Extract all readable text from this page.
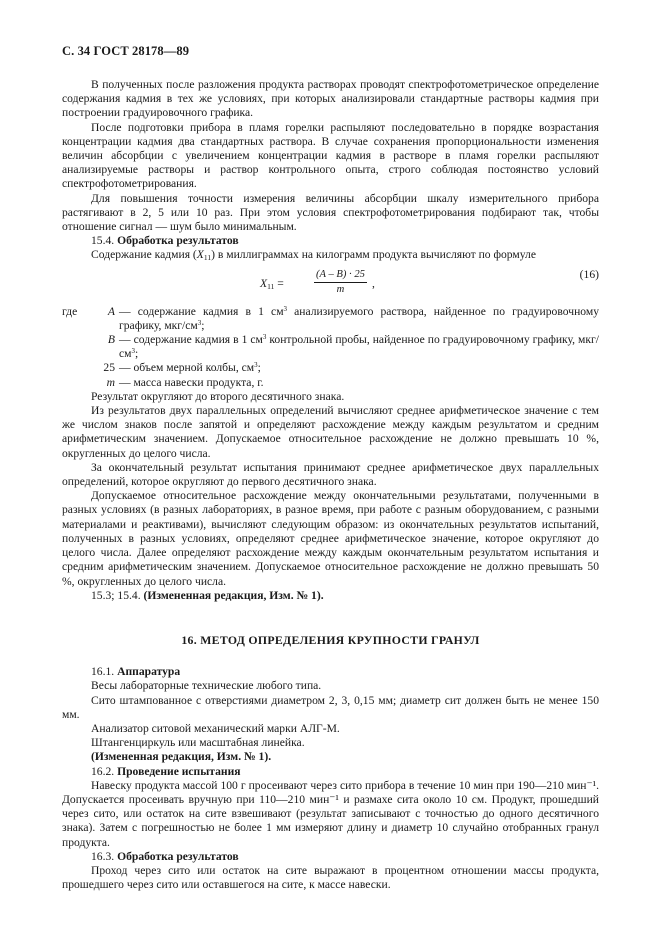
С. 34 ГОСТ 28178—89

В полученных после разложения продукта растворах проводят спектрофотометрическое определение содержания кадмия в тех же условиях, при которых анализировали стандартные растворы кадмия при построении градуировочного графика.

После подготовки прибора в пламя горелки распыляют последовательно в порядке возрастания концентрации кадмия два стандартных раствора. В случае сохранения пропорциональности изменения величин абсорбции с увеличением концентрации кадмия в растворе в пламя горелки распыляют анализируемые растворы и раствор контрольного опыта, строго соблюдая постоянство условий спектрофотометрирования.

Для повышения точности измерения величины абсорбции шкалу измерительного прибора растягивают в 2, 5 или 10 раз. При этом условия спектрофотометрирования подбирают так, чтобы отношение сигнал — шум было минимальным.

15.4. Обработка результатов

Содержание кадмия $(X_{11})$ в миллиграммах на килограмм продукта вычисляют по формуле

$X_{11}$ =	$\frac{(A - B) \cdot 25}{m}$ ,
(16)
где	A — содержание кадмия в 1 $см^3$ анализируемого раствора, найденное по градуировочному графику, мкг/$см^3$;
B — содержание кадмия в 1 $см^3$ контрольной пробы, найденное по градуировочному графику, мкг/$см^3$;
25 — объем мерной колбы, $см^3$;
m — масса навески продукта, г.

Результат округляют до второго десятичного знака.

Из результатов двух параллельных определений вычисляют среднее арифметическое значение с тем же числом знаков после запятой и определяют расхождение между каждым результатом и средним арифметическим значением. Допускаемое относительное расхождение не должно превышать 10 %, округленных до целого числа.

За окончательный результат испытания принимают среднее арифметическое двух параллельных определений, которое округляют до первого десятичного знака.

Допускаемое относительное расхождение между окончательными результатами, полученными в разных условиях (в разных лабораториях, в разное время, при работе с разным оборудованием, с разными материалами и реактивами), вычисляют следующим образом: из окончательных результатов испытаний, полученных в разных условиях, определяют среднее арифметическое значение, которое округляют до целого числа. Далее определяют расхождение между каждым окончательным результатом испытания и средним арифметическим значением. Допускаемое относительное расхождение не должно превышать 50 %, округленных до целого числа.

15.3; 15.4. (Измененная редакция, Изм. № 1).

16. МЕТОД ОПРЕДЕЛЕНИЯ КРУПНОСТИ ГРАНУЛ

16.1. Аппаратура

Весы лабораторные технические любого типа.

Сито штампованное с отверстиями диаметром 2, 3, 0,15 мм; диаметр сит должен быть не менее 150 мм.

Анализатор ситовой механический марки АЛГ-М.

Штангенциркуль или масштабная линейка.

(Измененная редакция, Изм. № 1).

16.2. Проведение испытания

Навеску продукта массой 100 г просеивают через сито прибора в течение 10 мин при 190—210 мин⁻¹. Допускается просеивать вручную при 110—210 мин⁻¹ и размахе сита около 10 см. Продукт, прошедший через сито, или остаток на сите взвешивают (результат записывают с точностью до одного десятичного знака). Затем с погрешностью не более 1 мм измеряют длину и диаметр 10 случайно отобранных гранул продукта.

16.3. Обработка результатов

Проход через сито или остаток на сите выражают в процентном отношении массы продукта, прошедшего через сито или оставшегося на сите, к массе навески.
